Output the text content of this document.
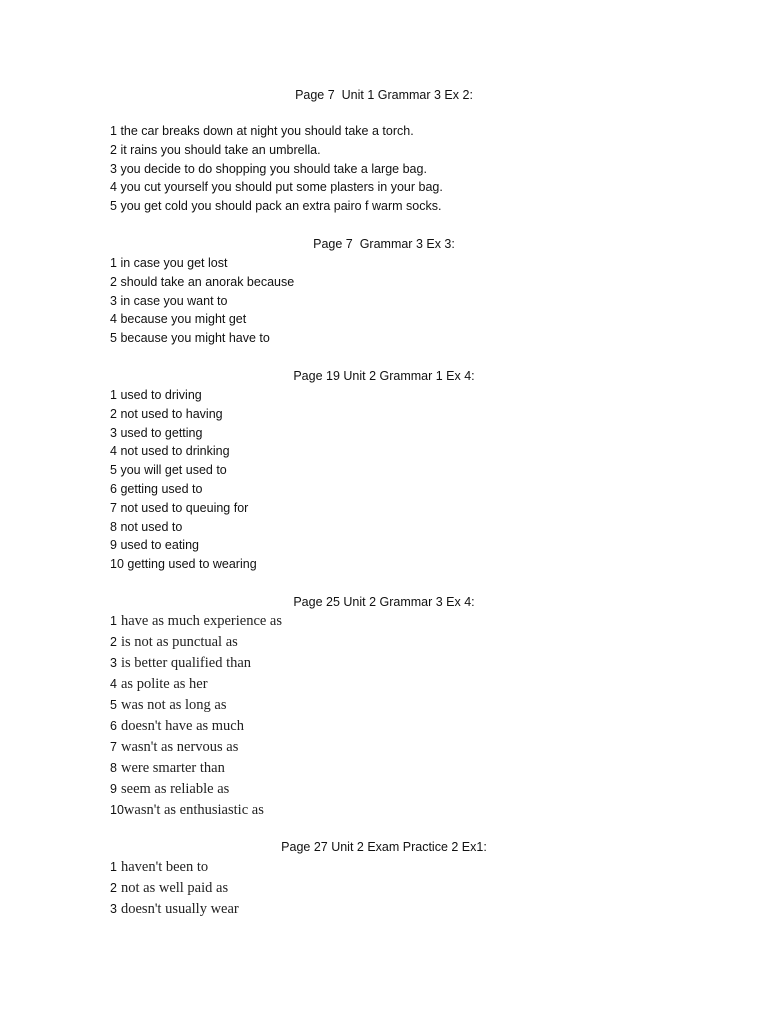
Page 7  Unit 1 Grammar 3 Ex 2:
1 the car breaks down at night you should take a torch.
2 it rains you should take an umbrella.
3 you decide to do shopping you should take a large bag.
4 you cut yourself you should put some plasters in your bag.
5 you get cold you should pack an extra pairo f warm socks.
Page 7  Grammar 3 Ex 3:
1 in case you get lost
2 should take an anorak because
3 in case you want to
4 because you might get
5 because you might have to
Page 19 Unit 2 Grammar 1 Ex 4:
1 used to driving
2 not used to having
3 used to getting
4 not used to drinking
5 you will get used to
6 getting used to
7 not used to queuing for
8 not used to
9 used to eating
10 getting used to wearing
Page 25 Unit 2 Grammar 3 Ex 4:
1 have as much experience as
2 is not as punctual as
3 is better qualified than
4 as polite as her
5 was not as long as
6 doesn't have as much
7 wasn't as nervous as
8 were smarter than
9 seem as reliable as
10wasn't as enthusiastic as
Page 27 Unit 2 Exam Practice 2 Ex1:
1 haven't been to
2 not as well paid as
3 doesn't usually wear
